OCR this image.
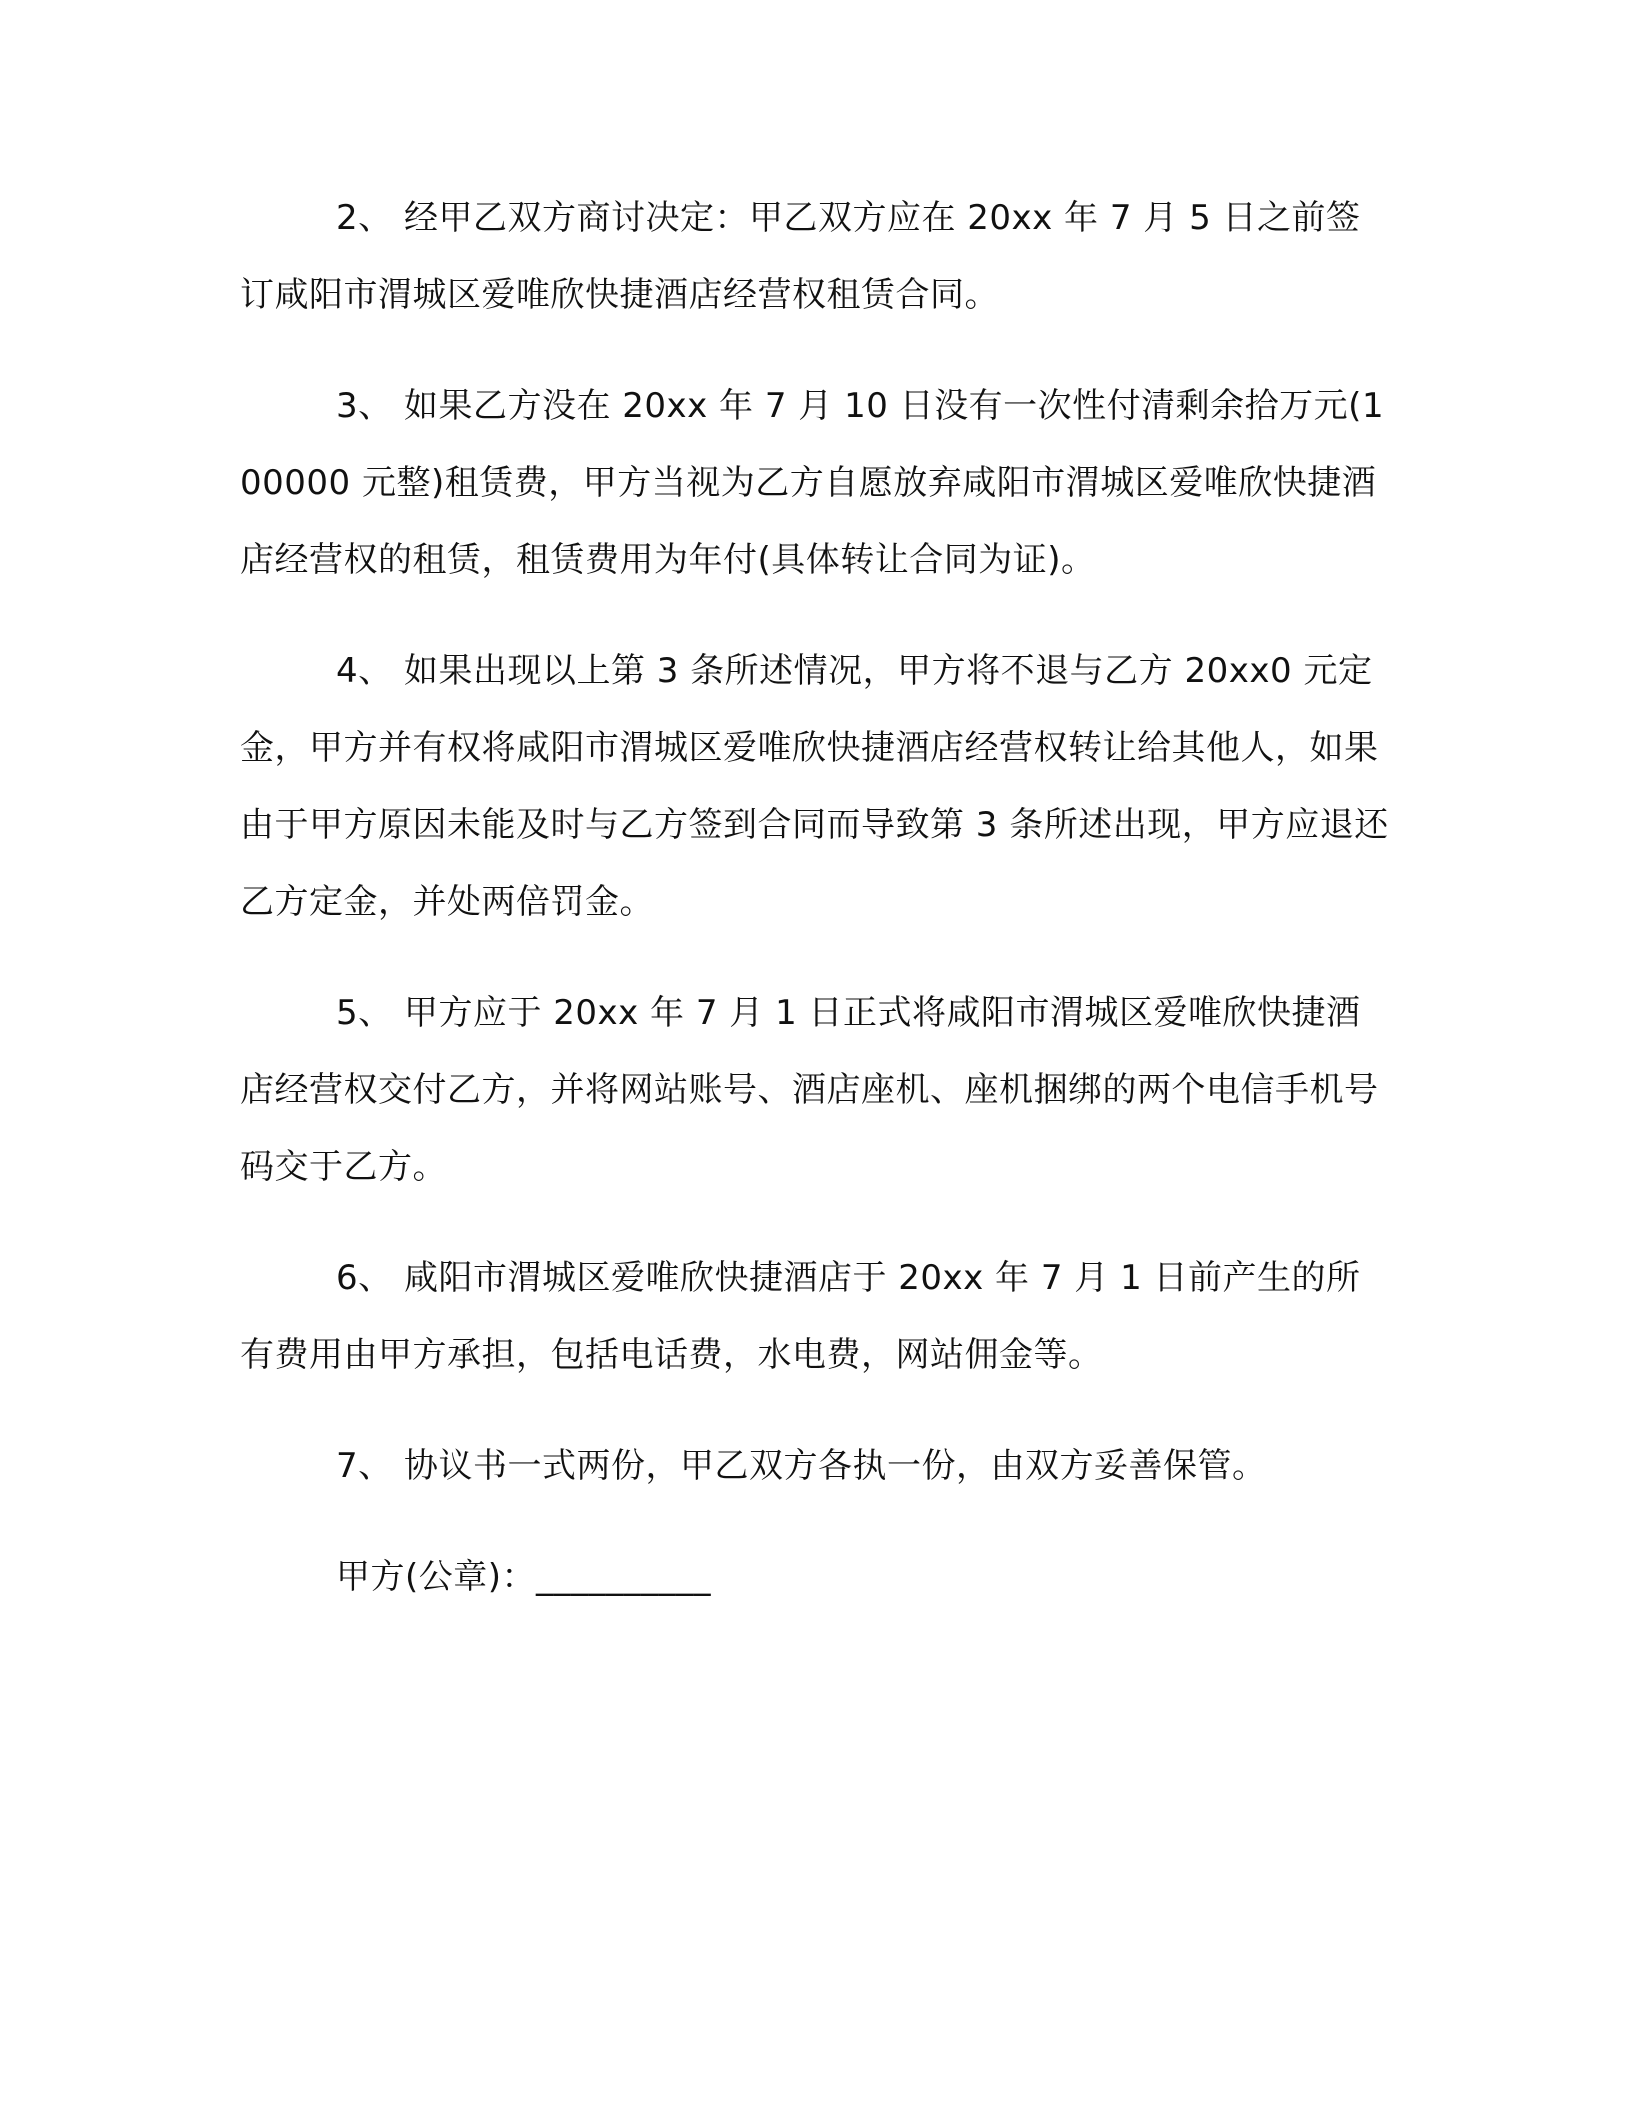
2、 经甲乙双方商讨决定：甲乙双方应在 20xx 年 7 月 5 日之前签订咸阳市渭城区爱唯欣快捷酒店经营权租赁合同。

3、 如果乙方没在 20xx 年 7 月 10 日没有一次性付清剩余拾万元(100000 元整)租赁费，甲方当视为乙方自愿放弃咸阳市渭城区爱唯欣快捷酒店经营权的租赁，租赁费用为年付(具体转让合同为证)。

4、 如果出现以上第 3 条所述情况，甲方将不退与乙方 20xx0 元定金，甲方并有权将咸阳市渭城区爱唯欣快捷酒店经营权转让给其他人，如果由于甲方原因未能及时与乙方签到合同而导致第 3 条所述出现，甲方应退还乙方定金，并处两倍罚金。

5、 甲方应于 20xx 年 7 月 1 日正式将咸阳市渭城区爱唯欣快捷酒店经营权交付乙方，并将网站账号、酒店座机、座机捆绑的两个电信手机号码交于乙方。

6、 咸阳市渭城区爱唯欣快捷酒店于 20xx 年 7 月 1 日前产生的所有费用由甲方承担，包括电话费，水电费，网站佣金等。

7、 协议书一式两份，甲乙双方各执一份，由双方妥善保管。

甲方(公章)：__________
